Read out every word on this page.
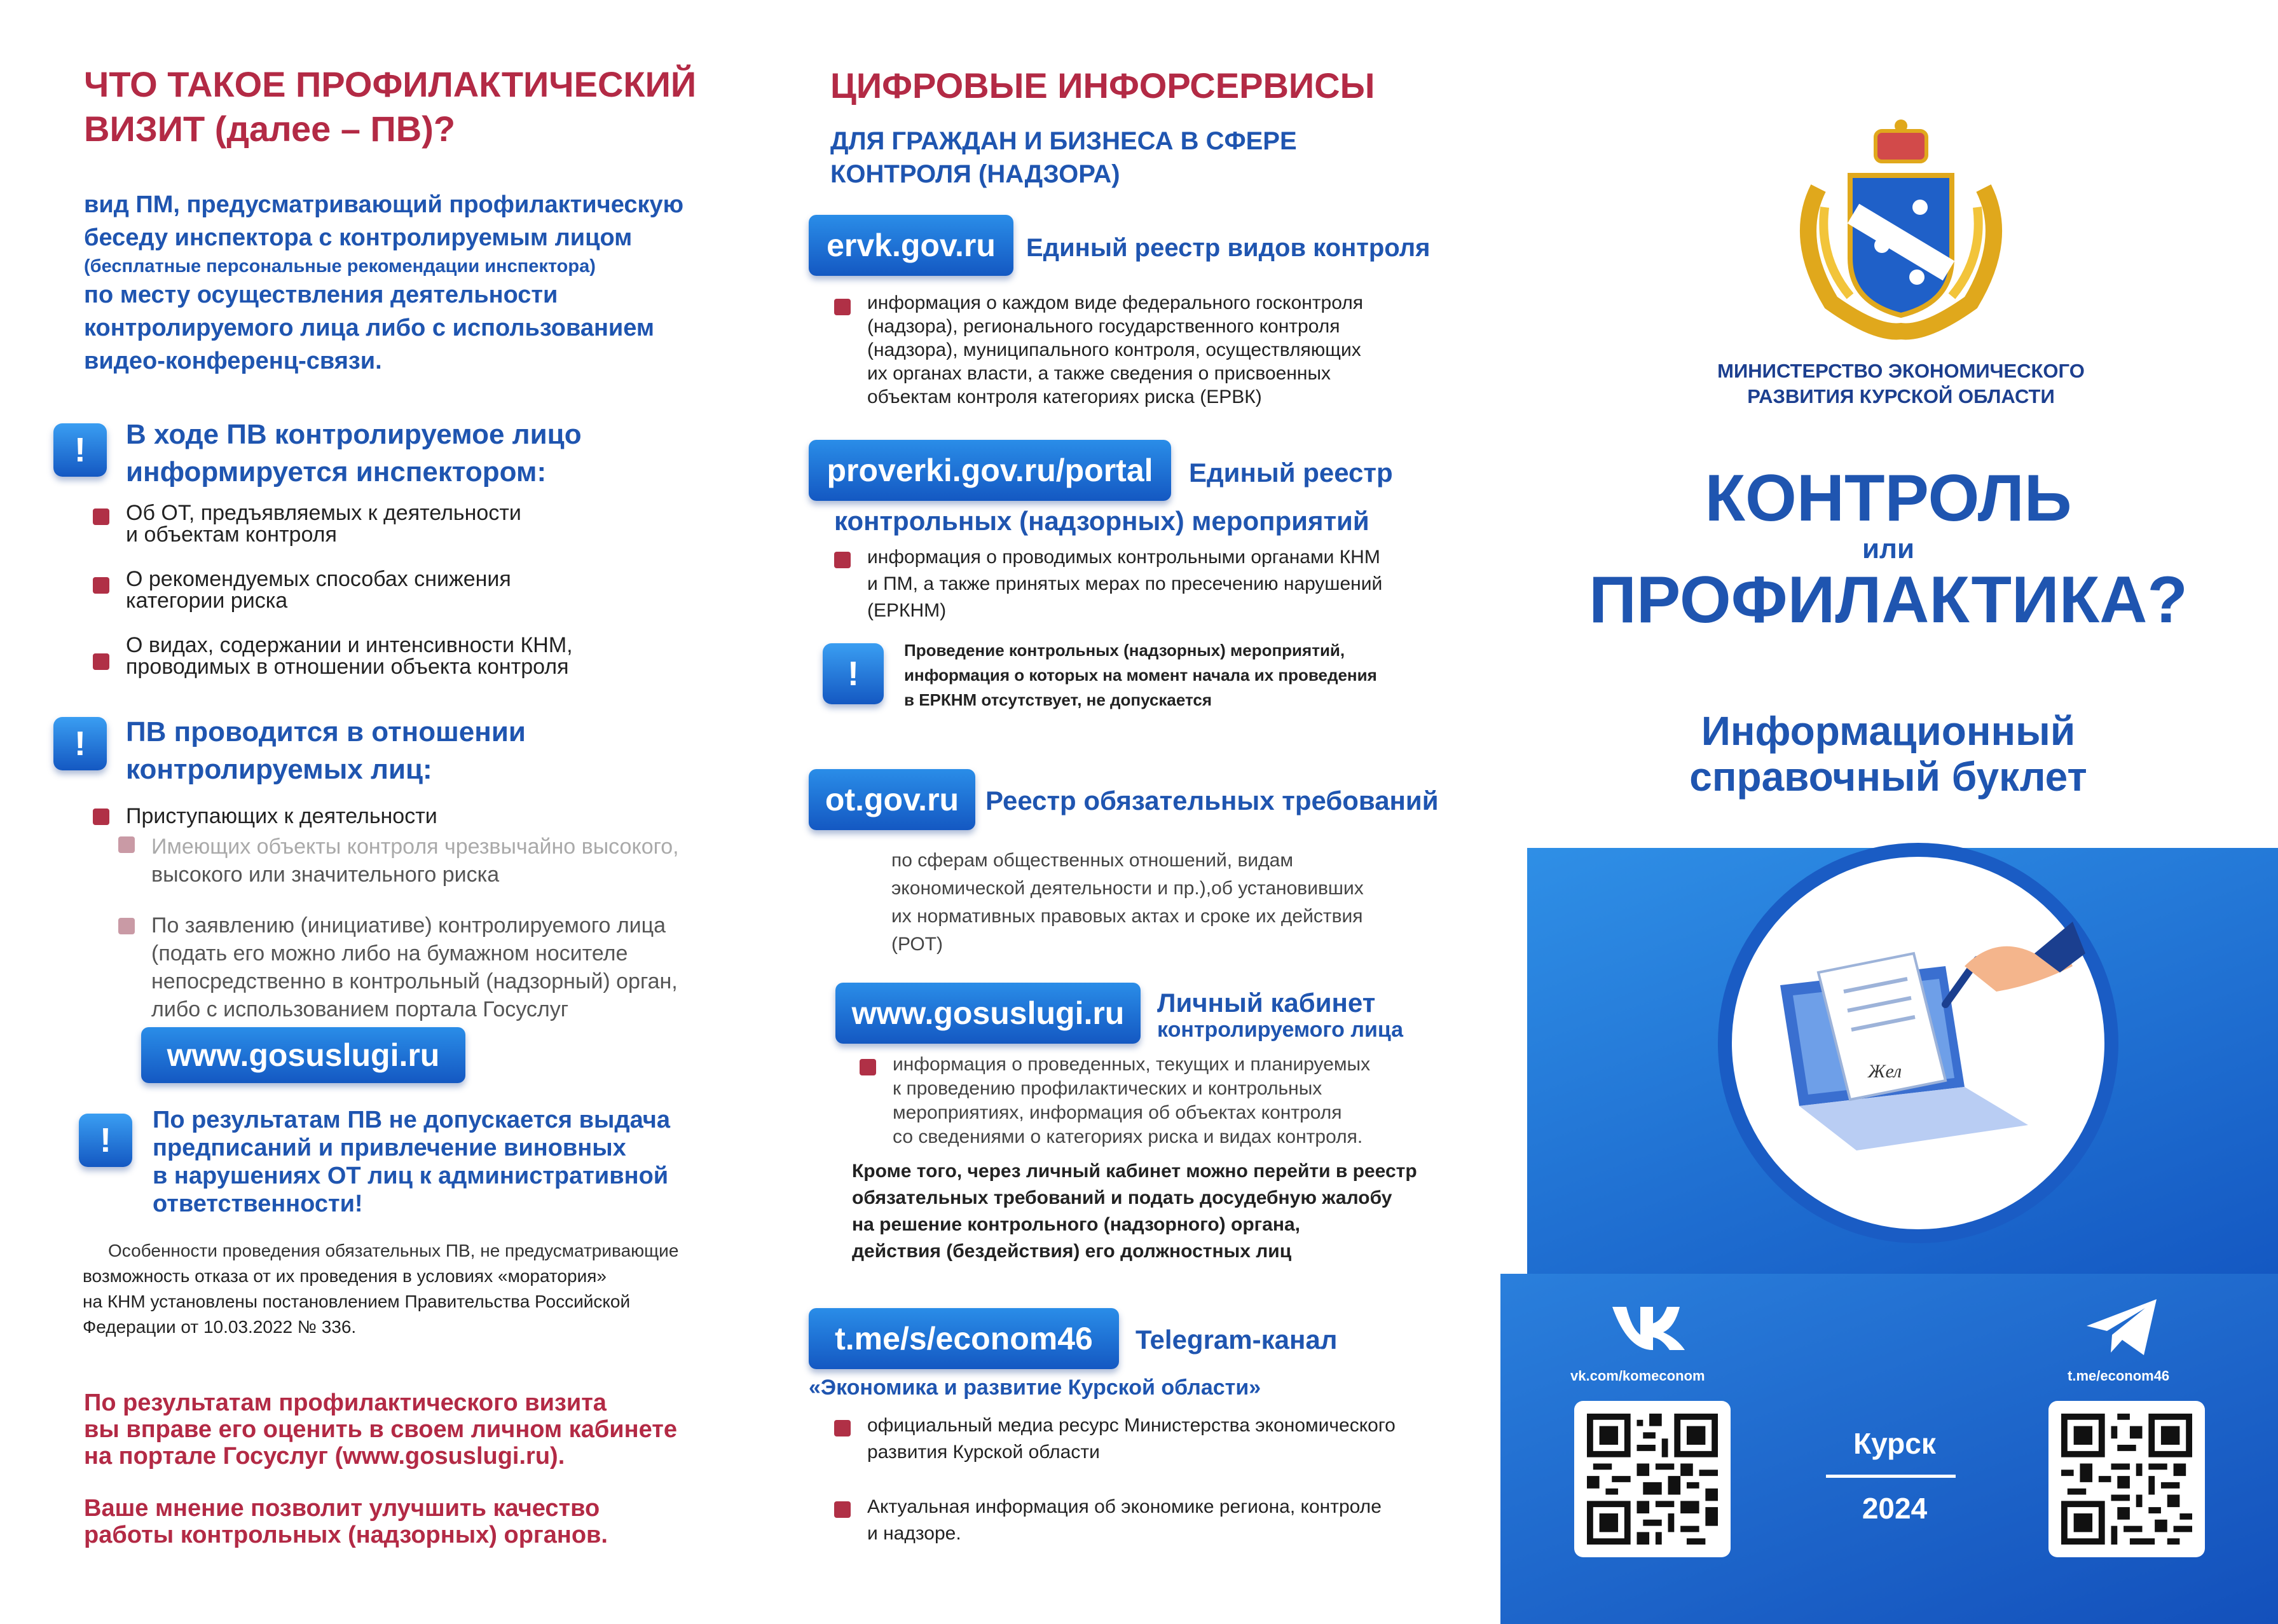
ЧТО ТАКОЕ ПРОФИЛАКТИЧЕСКИЙ
ВИЗИТ (далее – ПВ)?
вид ПМ, предусматривающий профилактическую
беседу инспектора с контролируемым лицом
(бесплатные персональные рекомендации инспектора)
по месту осуществления деятельности
контролируемого лица либо с использованием
видео-конференц-связи.
!	В ходе ПВ контролируемое лицо
информируется инспектором:
Об ОТ, предъявляемых к деятельности
и объектам контроля
О рекомендуемых способах снижения
категории риска
О видах, содержании и интенсивности КНМ,
проводимых в отношении объекта контроля
!	ПВ проводится в отношении
контролируемых лиц:
Приступающих к деятельности
Имеющих объекты контроля чрезвычайно высокого,
высокого или значительного риска
По заявлению (инициативе) контролируемого лица
(подать его можно либо на бумажном носителе
непосредственно в контрольный (надзорный) орган,
либо с использованием портала Госуслуг
www.gosuslugi.ru
!
По результатам ПВ не допускается выдача
предписаний и привлечение виновных
в нарушениях ОТ лиц к административной
ответственности!
Особенности проведения обязательных ПВ, не предусматривающие
возможность отказа от их проведения в условиях «моратория»
на КНМ установлены постановлением Правительства Российской
Федерации от 10.03.2022 № 336.
По результатам профилактического визита
вы вправе его оценить в своем личном кабинете
на портале Госуслуг (www.gosuslugi.ru).
Ваше мнение позволит улучшить качество
работы контрольных (надзорных) органов.
ЦИФРОВЫЕ ИНФОРСЕРВИСЫ
ДЛЯ ГРАЖДАН И БИЗНЕСА В СФЕРЕ
КОНТРОЛЯ (НАДЗОРА)
ervk.gov.ru	Единый реестр видов контроля
информация о каждом виде федерального госконтроля
(надзора), регионального государственного контроля
(надзора), муниципального контроля, осуществляющих
их органах власти, а также сведения о присвоенных
объектам контроля категориях риска (ЕРВК)
proverki.gov.ru/portal	Единый реестр
контрольных (надзорных) мероприятий
информация о проводимых контрольными органами КНМ
и ПМ, а также принятых мерах по пресечению нарушений
(ЕРКНМ)
!
Проведение контрольных (надзорных) мероприятий,
информация о которых на момент начала их проведения
в ЕРКНМ отсутствует, не допускается
ot.gov.ru Реестр обязательных требований
по сферам общественных отношений, видам
экономической деятельности и пр.),об установивших
их нормативных правовых актах и сроке их действия
(РОТ)
www.gosuslugi.ru	Личный кабинет
контролируемого лица
информация о проведенных, текущих и планируемых
к проведению профилактических и контрольных
мероприятиях, информация об объектах контроля
со сведениями о категориях риска и видах контроля.
Кроме того, через личный кабинет можно перейти в реестр
обязательных требований и подать досудебную жалобу
на решение контрольного (надзорного) органа,
действия (бездействия) его должностных лиц
t.me/s/econom46	Telegram-канал
«Экономика и развитие Курской области»
официальный медиа ресурс Министерства экономического
развития Курской области
Актуальная информация об экономике региона, контроле
и надзоре.
МИНИСТЕРСТВО ЭКОНОМИЧЕСКОГО
РАЗВИТИЯ КУРСКОЙ ОБЛАСТИ
КОНТРОЛЬ
или
ПРОФИЛАКТИКА?
Информационный
справочный буклет
Жел
vk.com/komeconom	t.me/econom46
Курск
2024
